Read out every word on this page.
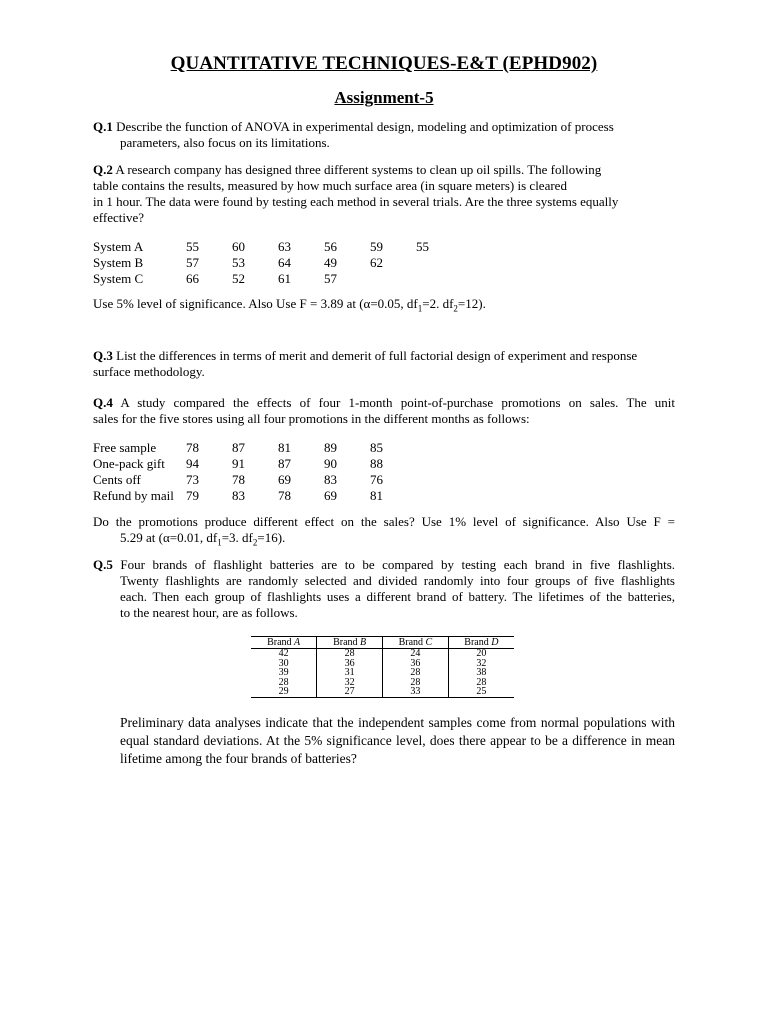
QUANTITATIVE TECHNIQUES-E&T (EPHD902)
Assignment-5
Q.1 Describe the function of ANOVA in experimental design, modeling and optimization of process
parameters, also focus on its limitations.
Q.2 A research company has designed three different systems to clean up oil spills. The following
table contains the results, measured by how much surface area (in square meters) is cleared
in 1 hour. The data were found by testing each method in several trials. Are the three systems equally
effective?
System A	55	60	63	56	59	55
System B	57	53	64	49	62	
System C	66	52	61	57		
Use 5% level of significance. Also Use F = 3.89 at (α=0.05, $df_1=2$. $df_2=12$).
Q.3 List the differences in terms of merit and demerit of full factorial design of experiment and response
surface methodology.
Q.4 A study compared the effects of four 1-month point-of-purchase promotions on sales. The unit
sales for the five stores using all four promotions in the different months as follows:
Free sample	78	87	81	89	85
One-pack gift	94	91	87	90	88
Cents off	73	78	69	83	76
Refund by mail	79	83	78	69	81
Do the promotions produce different effect on the sales? Use 1% level of significance. Also Use F =
5.29 at (α=0.01, $df_1=3$. $df_2=16$).
Q.5 Four brands of flashlight batteries are to be compared by testing each brand in five flashlights.
Twenty flashlights are randomly selected and divided randomly into four groups of five flashlights
each. Then each group of flashlights uses a different brand of battery. The lifetimes of the batteries,
to the nearest hour, are as follows.
Brand A	Brand B	Brand C	Brand D
42	28	24	20
30	36	36	32
39	31	28	38
28	32	28	28
29	27	33	25
Preliminary data analyses indicate that the independent samples come from normal populations with equal standard deviations. At the 5% significance level, does there appear to be a difference in mean lifetime among the four brands of batteries?
